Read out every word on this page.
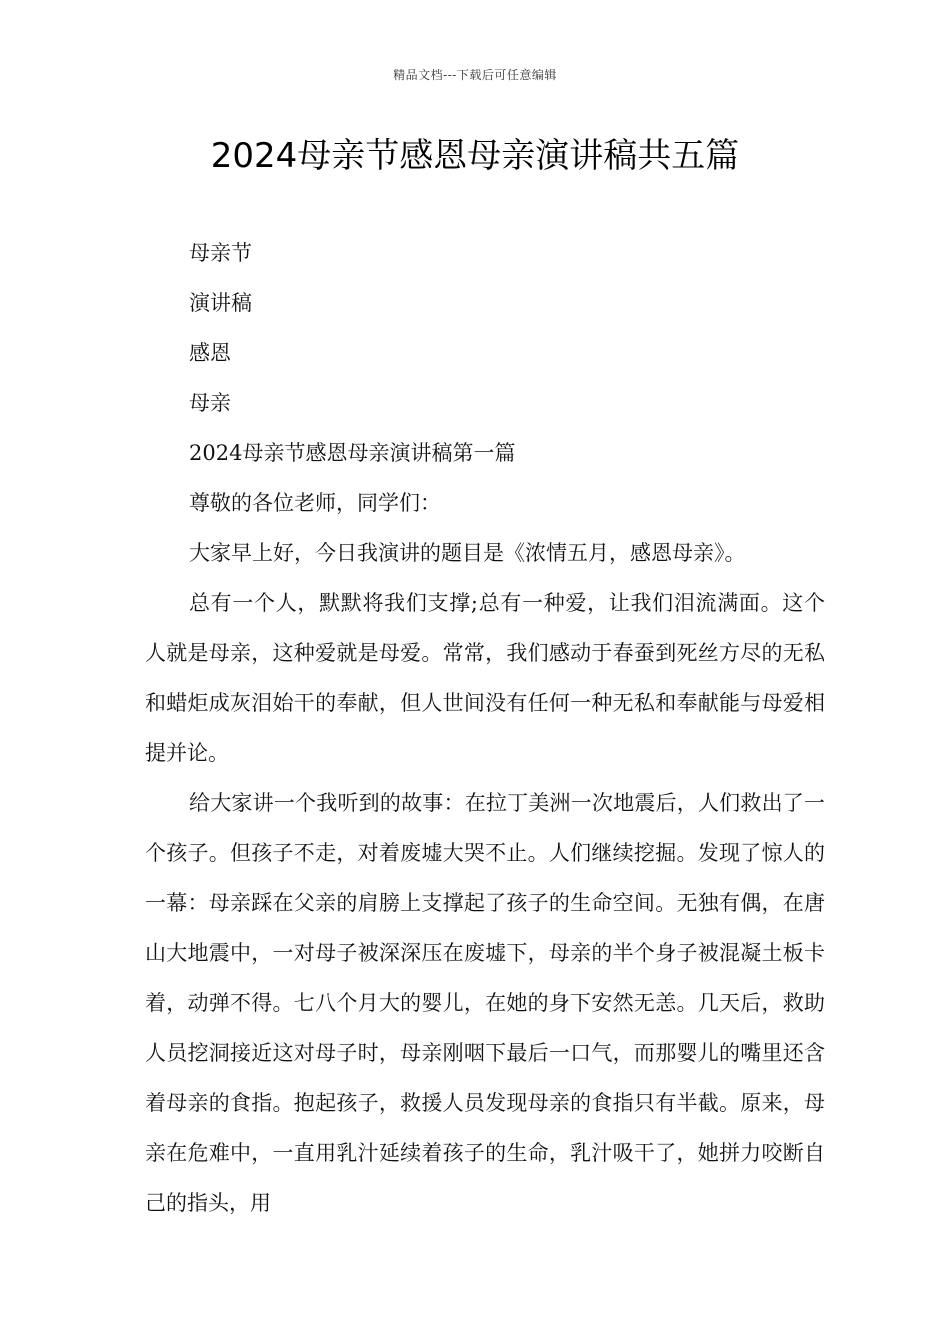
精品文档---下载后可任意编辑
2024母亲节感恩母亲演讲稿共五篇

母亲节

演讲稿

感恩

母亲

2024母亲节感恩母亲演讲稿第一篇

尊敬的各位老师，同学们：

大家早上好，今日我演讲的题目是《浓情五月，感恩母亲》。

总有一个人，默默将我们支撑;总有一种爱，让我们泪流满面。这个人就是母亲，这种爱就是母爱。常常，我们感动于春蚕到死丝方尽的无私和蜡炬成灰泪始干的奉献，但人世间没有任何一种无私和奉献能与母爱相提并论。

给大家讲一个我听到的故事：在拉丁美洲一次地震后，人们救出了一个孩子。但孩子不走，对着废墟大哭不止。人们继续挖掘。发现了惊人的一幕：母亲踩在父亲的肩膀上支撑起了孩子的生命空间。无独有偶，在唐山大地震中，一对母子被深深压在废墟下，母亲的半个身子被混凝土板卡着，动弹不得。七八个月大的婴儿，在她的身下安然无恙。几天后，救助人员挖洞接近这对母子时，母亲刚咽下最后一口气，而那婴儿的嘴里还含着母亲的食指。抱起孩子，救援人员发现母亲的食指只有半截。原来，母亲在危难中，一直用乳汁延续着孩子的生命，乳汁吸干了，她拼力咬断自己的指头，用
